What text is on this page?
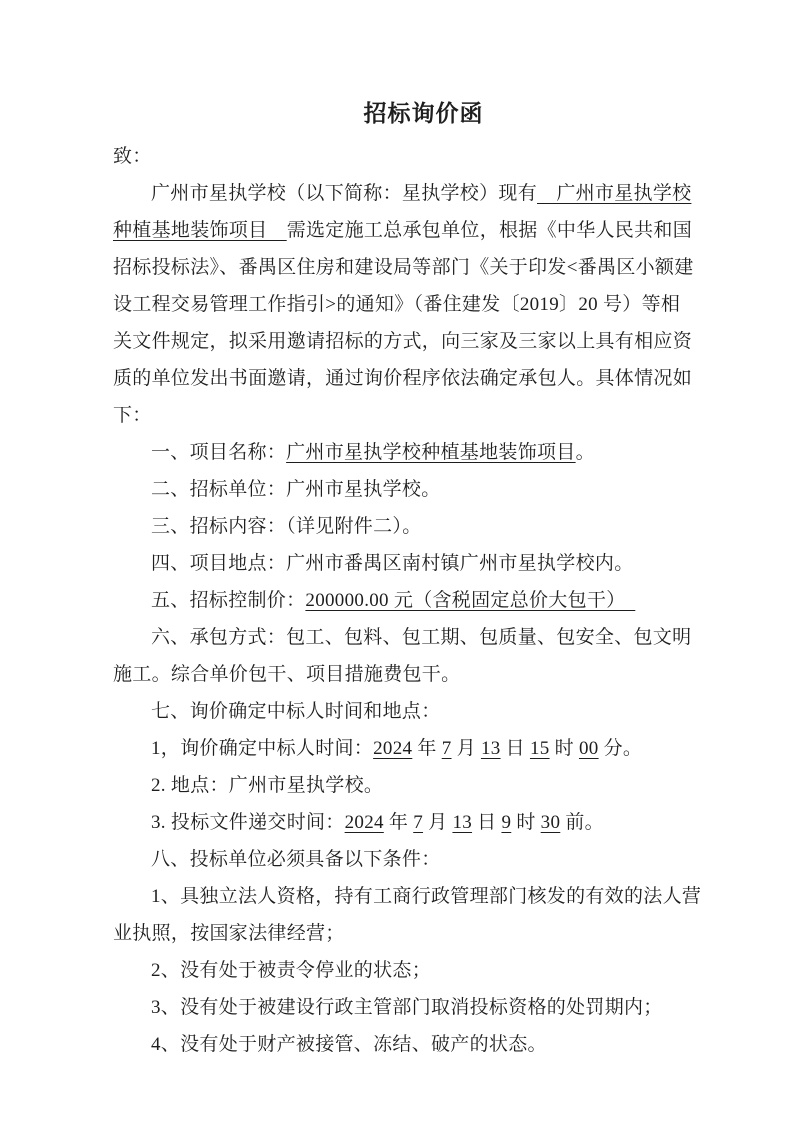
招标询价函
致：
广州市星执学校（以下简称：星执学校）现有　广州市星执学校
种植基地装饰项目　需选定施工总承包单位，根据《中华人民共和国
招标投标法》、番禺区住房和建设局等部门《关于印发<番禺区小额建
设工程交易管理工作指引>的通知》（番住建发〔2019〕20 号）等相
关文件规定，拟采用邀请招标的方式，向三家及三家以上具有相应资
质的单位发出书面邀请，通过询价程序依法确定承包人。具体情况如
下：
一、项目名称：广州市星执学校种植基地装饰项目。
二、招标单位：广州市星执学校。
三、招标内容：（详见附件二）。
四、项目地点：广州市番禺区南村镇广州市星执学校内。
五、招标控制价：200000.00 元（含税固定总价大包干）　
六、承包方式：包工、包料、包工期、包质量、包安全、包文明
施工。综合单价包干、项目措施费包干。
七、询价确定中标人时间和地点：
1，询价确定中标人时间：2024 年 7 月 13 日 15 时 00 分。
2. 地点：广州市星执学校。
3. 投标文件递交时间：2024 年 7 月 13 日 9 时 30 前。
八、投标单位必须具备以下条件：
1、具独立法人资格，持有工商行政管理部门核发的有效的法人营
业执照，按国家法律经营；
2、没有处于被责令停业的状态；
3、没有处于被建设行政主管部门取消投标资格的处罚期内；
4、没有处于财产被接管、冻结、破产的状态。
